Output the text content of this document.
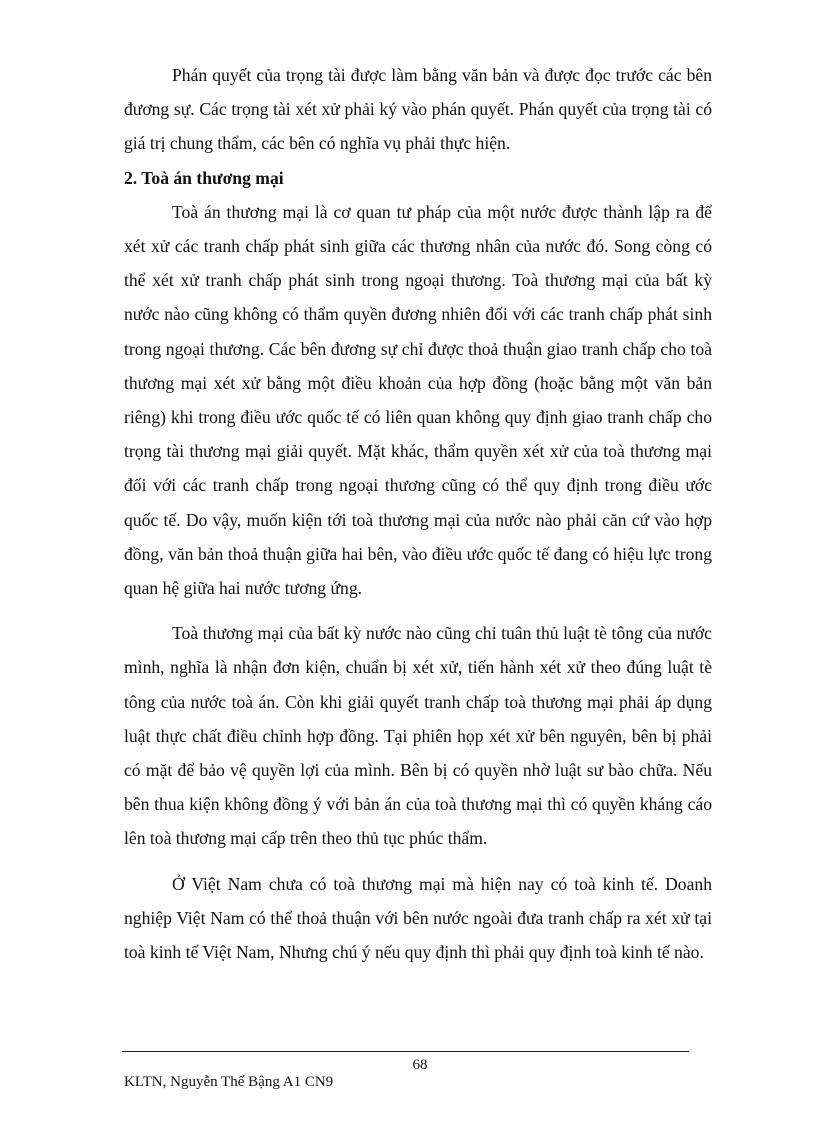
Phán quyết của trọng tài được làm bằng văn bản và được đọc trước các bên đương sự. Các trọng tài xét xử phải ký vào phán quyết. Phán quyết của trọng tài có giá trị chung thẩm, các bên có nghĩa vụ phải thực hiện.

2. Toà án thương mại

Toà án thương mại là cơ quan tư pháp của một nước được thành lập ra để xét xử các tranh chấp phát sinh giữa các thương nhân của nước đó. Song còng có thể xét xử tranh chấp phát sinh trong ngoại thương. Toà thương mại của bất kỳ nước nào cũng không có thẩm quyền đương nhiên đối với các tranh chấp phát sinh trong ngoại thương. Các bên đương sự chỉ được thoả thuận giao tranh chấp cho toà thương mại xét xử bằng một điều khoản của hợp đồng (hoặc bằng một văn bản riêng) khi trong điều ước quốc tế có liên quan không quy định giao tranh chấp cho trọng tài thương mại giải quyết. Mặt khác, thẩm quyền xét xử của toà thương mại đối với các tranh chấp trong ngoại thương cũng có thể quy định trong điều ước quốc tế. Do vậy, muốn kiện tới toà thương mại của nước nào phải căn cứ vào hợp đồng, văn bản thoả thuận giữa hai bên, vào điều ước quốc tế đang có hiệu lực trong quan hệ giữa hai nước tương ứng.

Toà thương mại của bất kỳ nước nào cũng chỉ tuân thủ luật tè tông của nước mình, nghĩa là nhận đơn kiện, chuẩn bị xét xử, tiến hành xét xử theo đúng luật tè tông của nước toà án. Còn khi giải quyết tranh chấp toà thương mại phải áp dụng luật thực chất điều chỉnh hợp đồng. Tại phiên họp xét xử bên nguyên, bên bị phải có mặt để bảo vệ quyền lợi của mình. Bên bị có quyền nhờ luật sư bào chữa. Nếu bên thua kiện không đồng ý với bản án của toà thương mại thì có quyền kháng cáo lên toà thương mại cấp trên theo thủ tục phúc thẩm.

Ở Việt Nam chưa có toà thương mại mà hiện nay có toà kinh tế. Doanh nghiệp Việt Nam có thể thoả thuận với bên nước ngoài đưa tranh chấp ra xét xử tại toà kinh tế Việt Nam, Nhưng chú ý nếu quy định thì phải quy định toà kinh tế nào.

68
KLTN, Nguyễn Thế Bậng A1 CN9
